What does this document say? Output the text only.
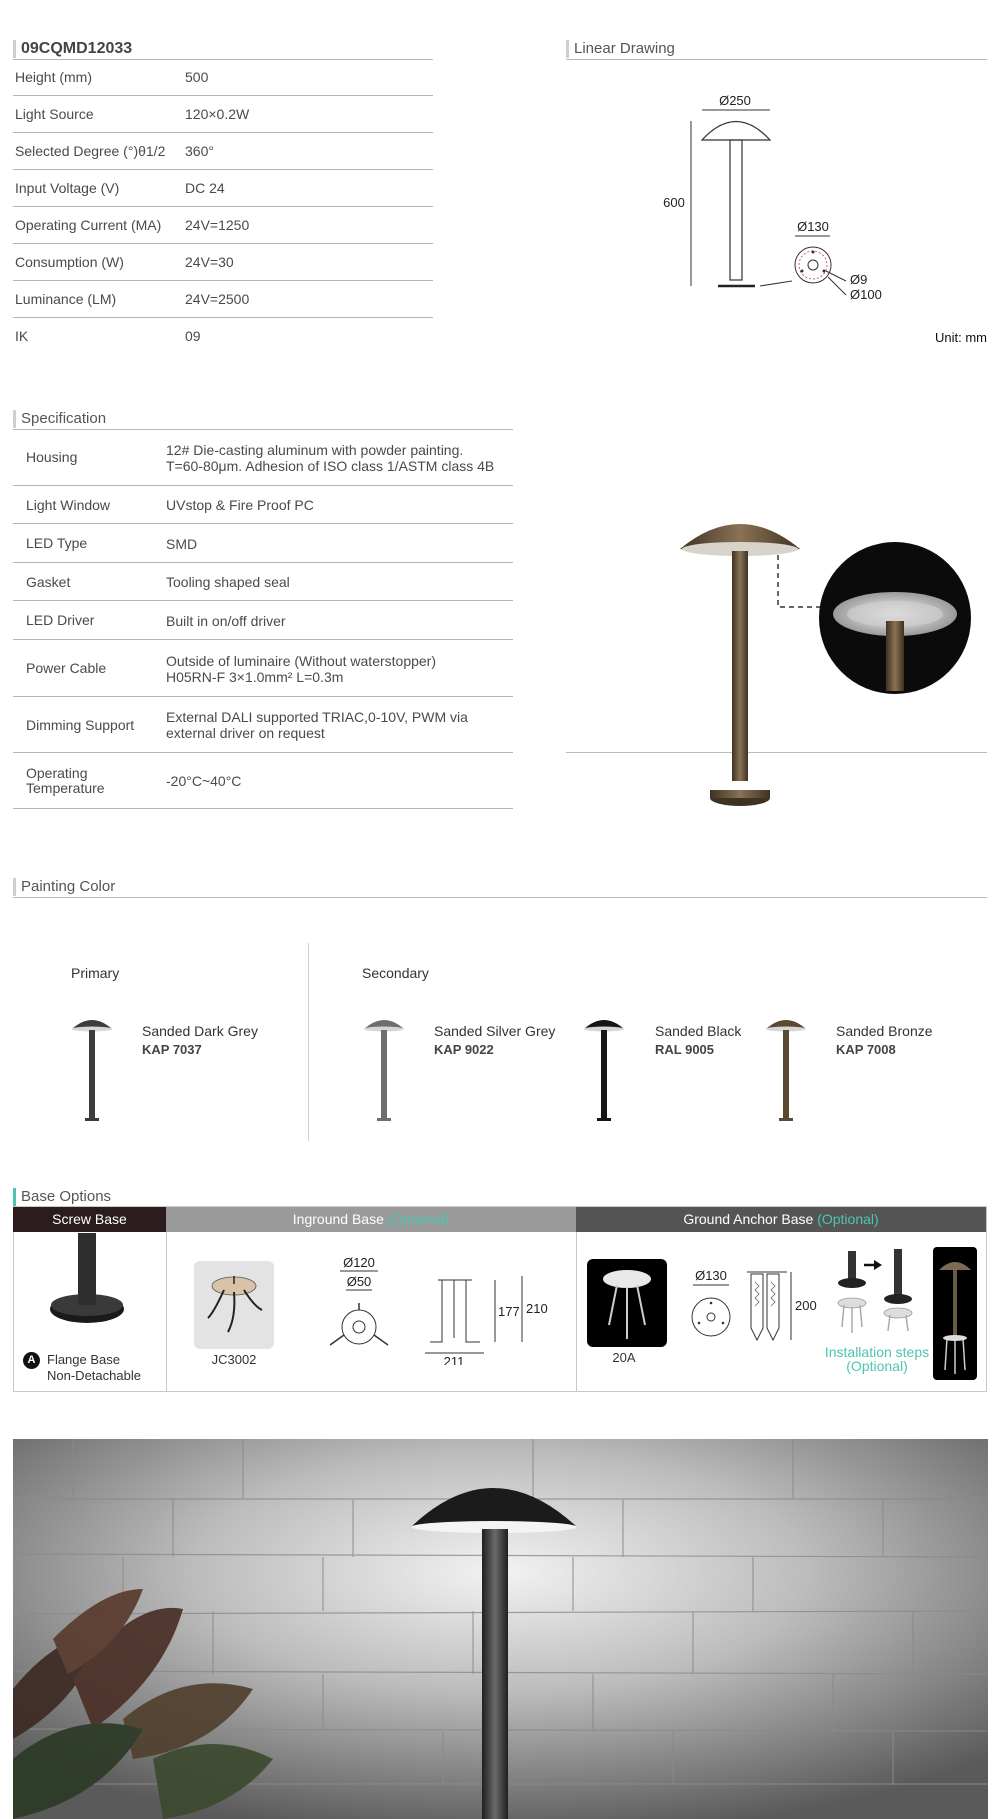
09CQMD12033
Height (mm)	500
Light Source	120×0.2W
Selected Degree (°)θ1/2 360°
Input Voltage (V)	DC 24
Operating Current (MA) 24V=1250
Consumption (W)	24V=30
Luminance (LM)	24V=2500
IK	09
Linear Drawing
Ø250
600
Ø130
Ø9
Ø100
Unit: mm
Specification
Housing	12# Die-casting aluminum with powder painting.
T=60-80μm. Adhesion of ISO class 1/ASTM class 4B
Light Window	UVstop & Fire Proof PC
LED Type	SMD
Gasket	Tooling shaped seal
LED Driver	Built in on/off driver
Power Cable	Outside of luminaire (Without waterstopper)
H05RN-F 3×1.0mm² L=0.3m
Dimming Support	External DALI supported TRIAC,0-10V, PWM via
external driver on request
Operating
Temperature	-20°C~40°C
Painting Color
Primary	Secondary
Sanded Dark Grey
KAP 7037
Sanded Silver Grey
KAP 9022
Sanded Black
RAL 9005
Sanded Bronze
KAP 7008
Base Options
Screw Base	Inground Base (Optional)	Ground Anchor Base (Optional)
A Flange Base
Non-Detachable
JC3002
Ø120
Ø50
211
177 210
20A
Ø130
200
Installation steps
(Optional)
